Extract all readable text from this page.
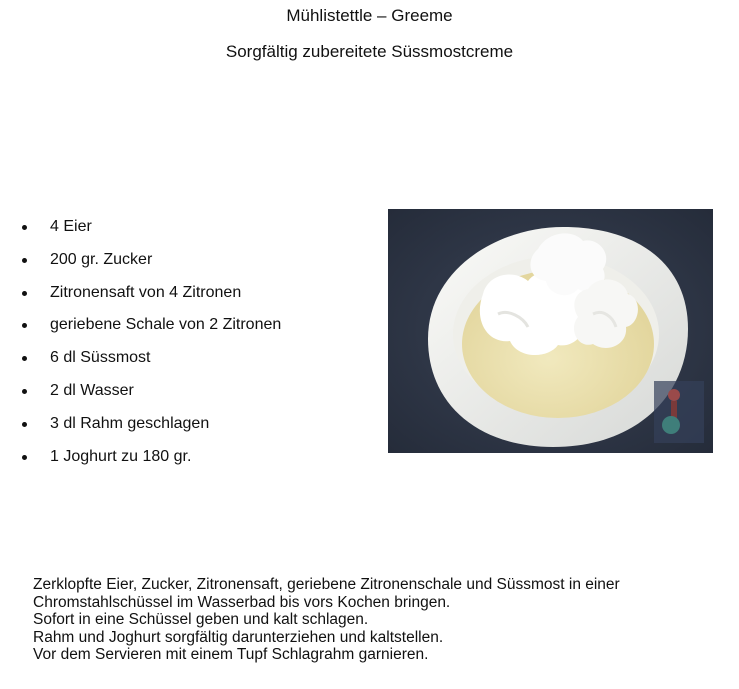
Mühlistettle – Greeme
Sorgfältig zubereitete Süssmostcreme
4 Eier
200 gr. Zucker
Zitronensaft von 4 Zitronen
geriebene Schale von 2 Zitronen
6 dl Süssmost
2 dl Wasser
3 dl Rahm geschlagen
1 Joghurt zu 180 gr.
Zerklopfte Eier, Zucker, Zitronensaft, geriebene Zitronenschale und Süssmost in einer
Chromstahlschüssel im Wasserbad bis vors Kochen bringen.
Sofort in eine Schüssel geben und kalt schlagen.
Rahm und Joghurt sorgfältig darunterziehen und kaltstellen.
Vor dem Servieren mit einem Tupf Schlagrahm garnieren.
